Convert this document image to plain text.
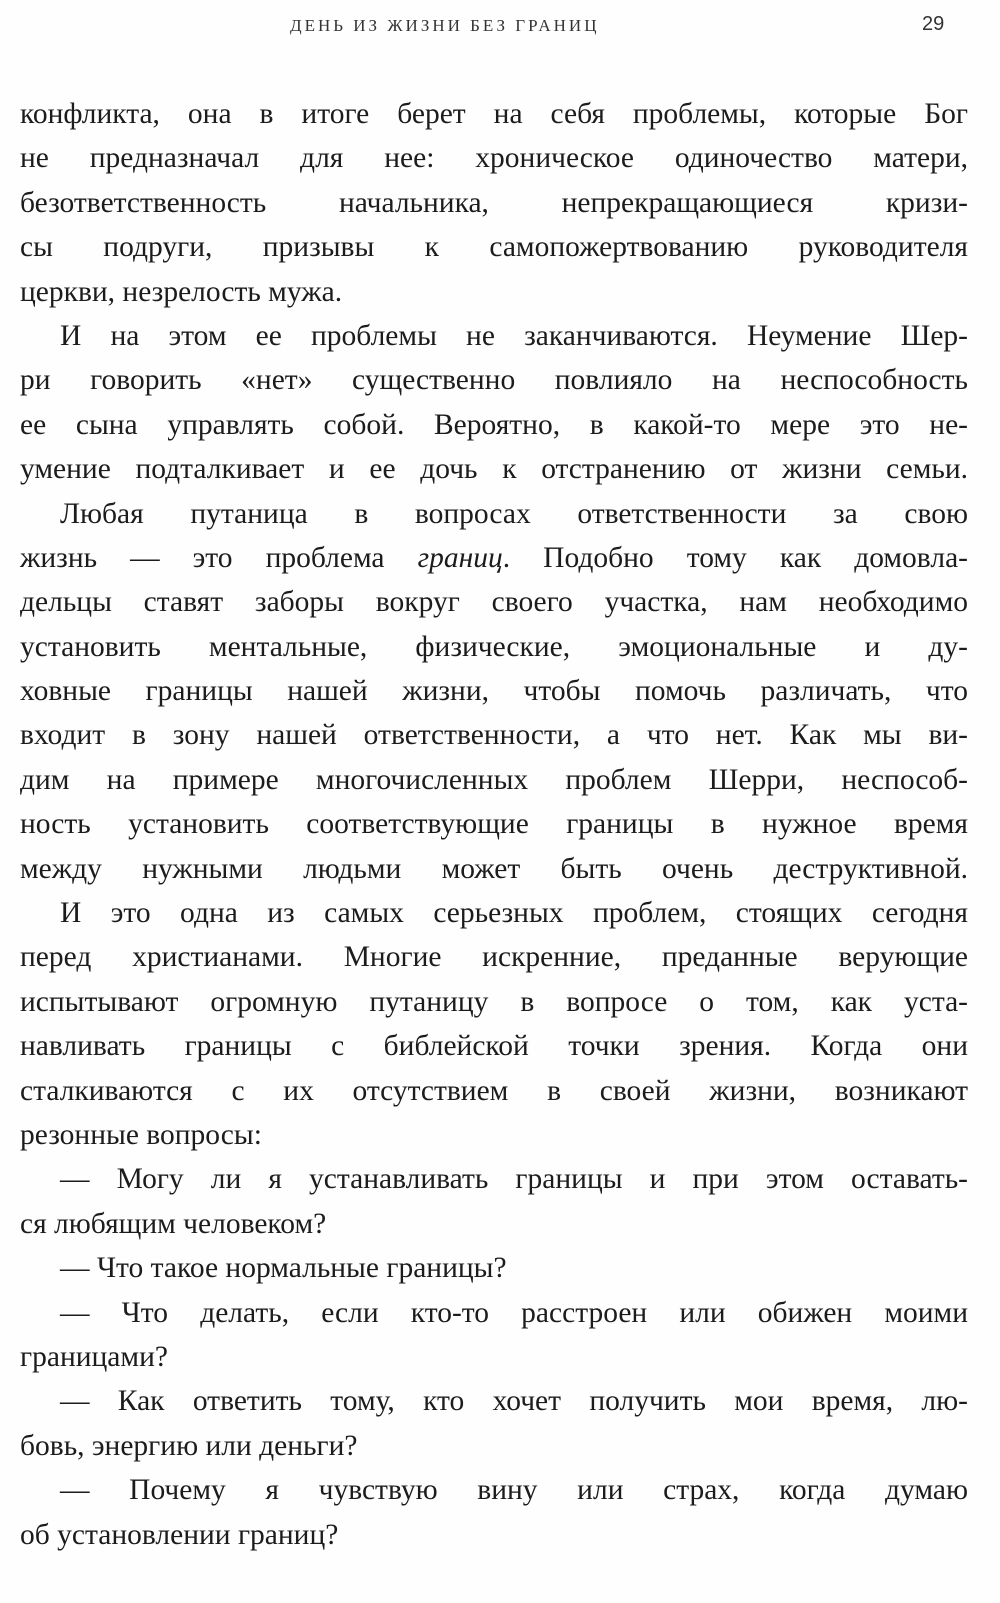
ДЕНЬ ИЗ ЖИЗНИ БЕЗ ГРАНИЦ	29
конфликта, она в итоге берет на себя проблемы, которые Бог
не предназначал для нее: хроническое одиночество матери,
безответственность начальника, непрекращающиеся кризи-
сы подруги, призывы к самопожертвованию руководителя
церкви, незрелость мужа.
И на этом ее проблемы не заканчиваются. Неумение Шер-
ри говорить «нет» существенно повлияло на неспособность
ее сына управлять собой. Вероятно, в какой-то мере это не-
умение подталкивает и ее дочь к отстранению от жизни семьи.
Любая путаница в вопросах ответственности за свою
жизнь — это проблема границ. Подобно тому как домовла-
дельцы ставят заборы вокруг своего участка, нам необходимо
установить ментальные, физические, эмоциональные и ду-
ховные границы нашей жизни, чтобы помочь различать, что
входит в зону нашей ответственности, а что нет. Как мы ви-
дим на примере многочисленных проблем Шерри, неспособ-
ность установить соответствующие границы в нужное время
между нужными людьми может быть очень деструктивной.
И это одна из самых серьезных проблем, стоящих сегодня
перед христианами. Многие искренние, преданные верующие
испытывают огромную путаницу в вопросе о том, как уста-
навливать границы с библейской точки зрения. Когда они
сталкиваются с их отсутствием в своей жизни, возникают
резонные вопросы:
— Могу ли я устанавливать границы и при этом оставать-
ся любящим человеком?
— Что такое нормальные границы?
— Что делать, если кто-то расстроен или обижен моими
границами?
— Как ответить тому, кто хочет получить мои время, лю-
бовь, энергию или деньги?
— Почему я чувствую вину или страх, когда думаю
об установлении границ?
